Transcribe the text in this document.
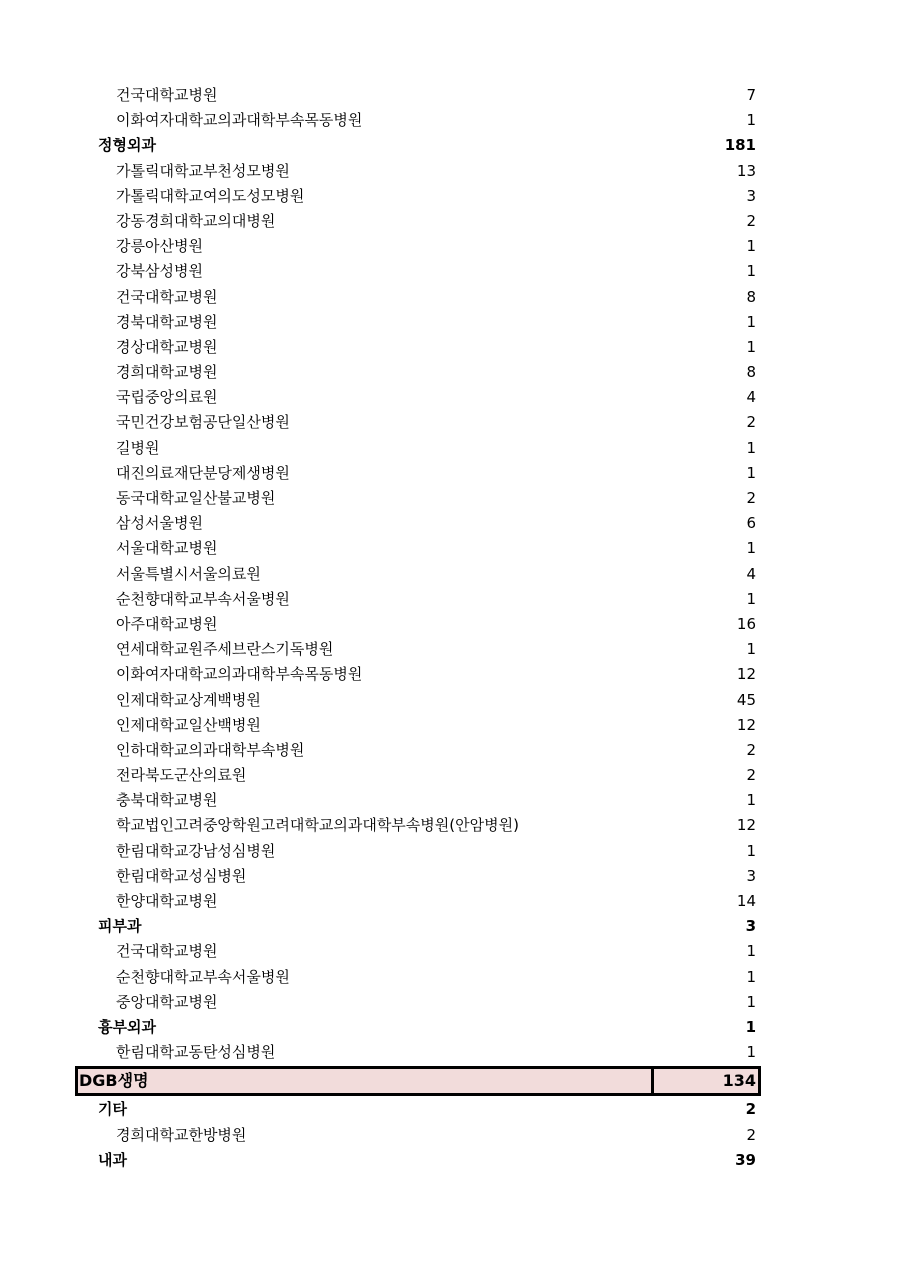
건국대학교병원	7
이화여자대학교의과대학부속목동병원	1
정형외과	181
가톨릭대학교부천성모병원	13
가톨릭대학교여의도성모병원	3
강동경희대학교의대병원	2
강릉아산병원	1
강북삼성병원	1
건국대학교병원	8
경북대학교병원	1
경상대학교병원	1
경희대학교병원	8
국립중앙의료원	4
국민건강보험공단일산병원	2
길병원	1
대진의료재단분당제생병원	1
동국대학교일산불교병원	2
삼성서울병원	6
서울대학교병원	1
서울특별시서울의료원	4
순천향대학교부속서울병원	1
아주대학교병원	16
연세대학교원주세브란스기독병원	1
이화여자대학교의과대학부속목동병원	12
인제대학교상계백병원	45
인제대학교일산백병원	12
인하대학교의과대학부속병원	2
전라북도군산의료원	2
충북대학교병원	1
학교법인고려중앙학원고려대학교의과대학부속병원(안암병원)	12
한림대학교강남성심병원	1
한림대학교성심병원	3
한양대학교병원	14
피부과	3
건국대학교병원	1
순천향대학교부속서울병원	1
중앙대학교병원	1
흉부외과	1
한림대학교동탄성심병원	1
DGB생명	134
기타	2
경희대학교한방병원	2
내과	39
